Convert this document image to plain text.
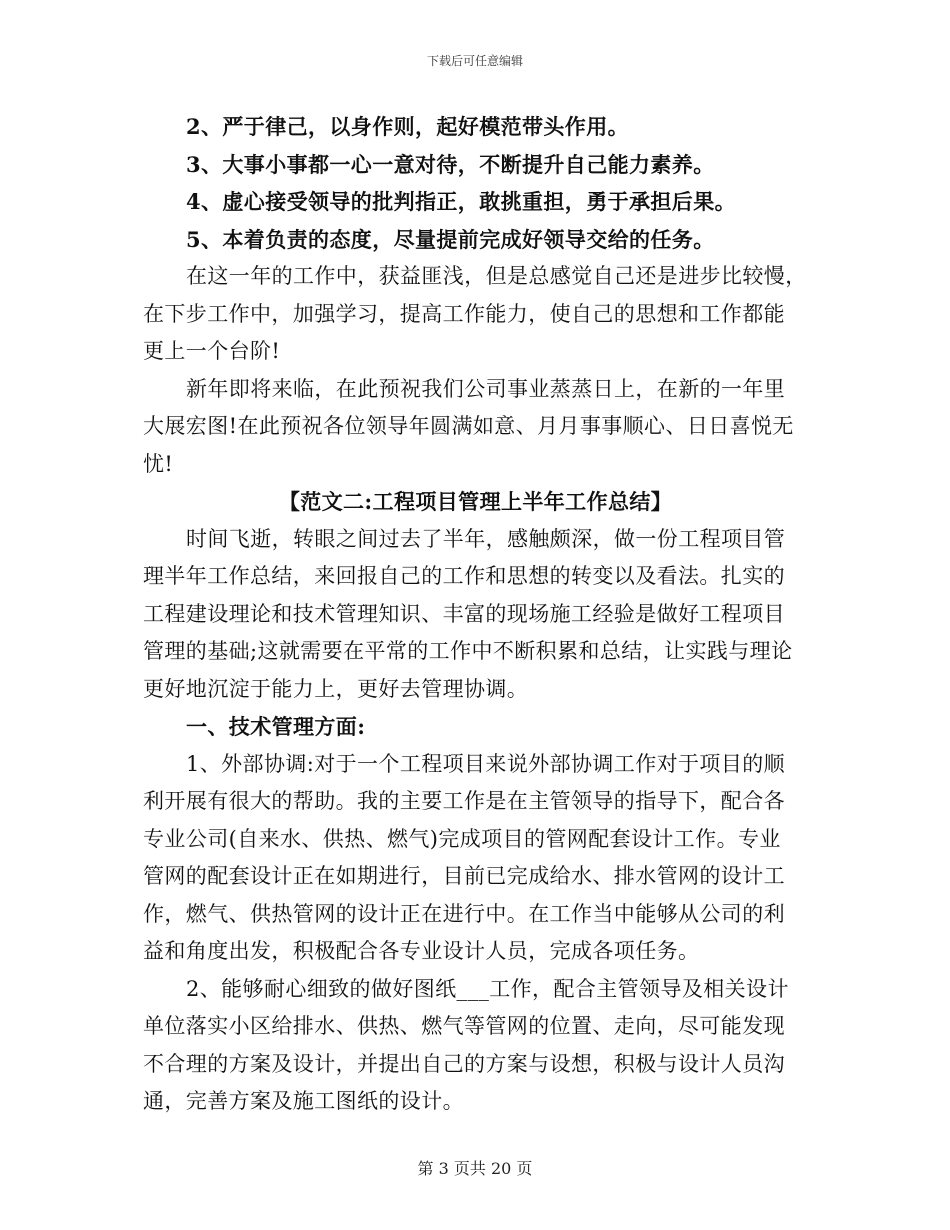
下载后可任意编辑
2、严于律己，以身作则，起好模范带头作用。
3、大事小事都一心一意对待，不断提升自己能力素养。
4、虚心接受领导的批判指正，敢挑重担，勇于承担后果。
5、本着负责的态度，尽量提前完成好领导交给的任务。
在这一年的工作中，获益匪浅，但是总感觉自己还是进步比较慢，
在下步工作中，加强学习，提高工作能力，使自己的思想和工作都能
更上一个台阶!
新年即将来临，在此预祝我们公司事业蒸蒸日上，在新的一年里
大展宏图!在此预祝各位领导年圆满如意、月月事事顺心、日日喜悦无
忧!
【范文二:工程项目管理上半年工作总结】
时间飞逝，转眼之间过去了半年，感触颇深，做一份工程项目管
理半年工作总结，来回报自己的工作和思想的转变以及看法。扎实的
工程建设理论和技术管理知识、丰富的现场施工经验是做好工程项目
管理的基础;这就需要在平常的工作中不断积累和总结，让实践与理论
更好地沉淀于能力上，更好去管理协调。
一、技术管理方面:
1、外部协调:对于一个工程项目来说外部协调工作对于项目的顺
利开展有很大的帮助。我的主要工作是在主管领导的指导下，配合各
专业公司(自来水、供热、燃气)完成项目的管网配套设计工作。专业
管网的配套设计正在如期进行，目前已完成给水、排水管网的设计工
作，燃气、供热管网的设计正在进行中。在工作当中能够从公司的利
益和角度出发，积极配合各专业设计人员，完成各项任务。
2、能够耐心细致的做好图纸___工作，配合主管领导及相关设计
单位落实小区给排水、供热、燃气等管网的位置、走向，尽可能发现
不合理的方案及设计，并提出自己的方案与设想，积极与设计人员沟
通，完善方案及施工图纸的设计。
第 3 页共 20 页
